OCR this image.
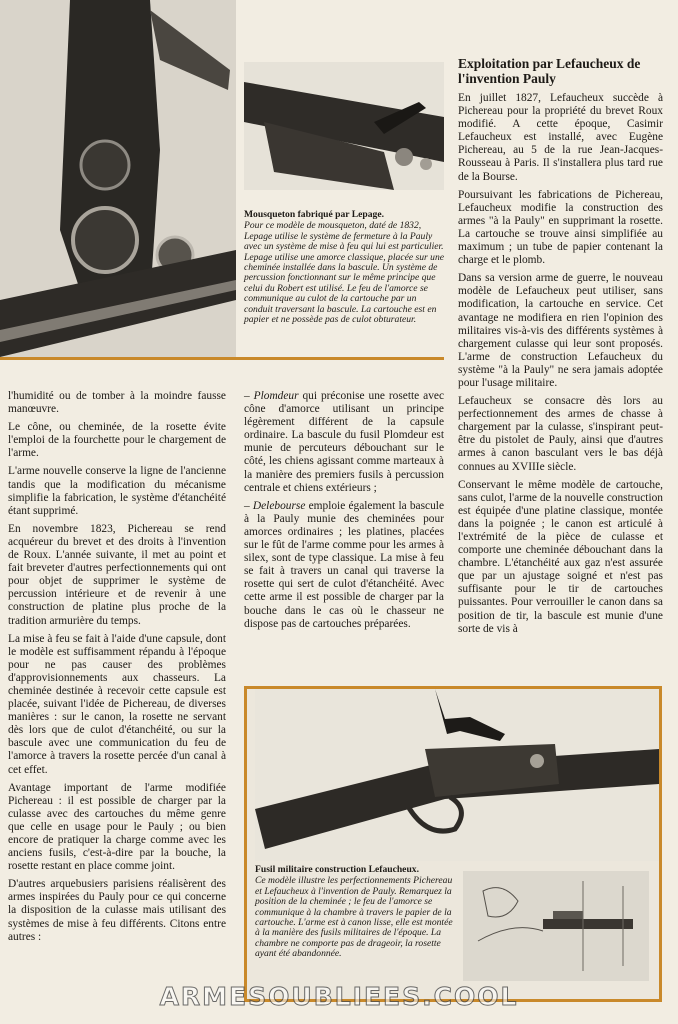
Mousqueton fabriqué par Lepage.
Pour ce modèle de mousqueton, daté de 1832, Lepage utilise le système de fermeture à la Pauly avec un système de mise à feu qui lui est particulier. Lepage utilise une amorce classique, placée sur une cheminée installée dans la bascule. Un système de percussion fonctionnant sur le même principe que celui du Robert est utilisé. Le feu de l'amorce se communique au culot de la cartouche par un conduit traversant la bascule. La cartouche est en papier et ne possède pas de culot obturateur.
Exploitation par Lefaucheux de l'invention Pauly

En juillet 1827, Lefaucheux succède à Pichereau pour la propriété du brevet Roux modifié. A cette époque, Casimir Lefaucheux est installé, avec Eugène Pichereau, au 5 de la rue Jean-Jacques-Rousseau à Paris. Il s'installera plus tard rue de la Bourse.

Poursuivant les fabrications de Pichereau, Lefaucheux modifie la construction des armes "à la Pauly" en supprimant la rosette. La cartouche se trouve ainsi simplifiée au maximum ; un tube de papier contenant la charge et le plomb.

Dans sa version arme de guerre, le nouveau modèle de Lefaucheux peut utiliser, sans modification, la cartouche en service. Cet avantage ne modifiera en rien l'opinion des militaires vis-à-vis des différents systèmes à chargement culasse qui leur sont proposés. L'arme de construction Lefaucheux du système "à la Pauly" ne sera jamais adoptée pour l'usage militaire.

Lefaucheux se consacre dès lors au perfectionnement des armes de chasse à chargement par la culasse, s'inspirant peut-être du pistolet de Pauly, ainsi que d'autres armes à canon basculant vers le bas déjà connues au XVIIIe siècle.

Conservant le même modèle de cartouche, sans culot, l'arme de la nouvelle construction est équipée d'une platine classique, montée dans la poignée ; le canon est articulé à l'extrémité de la pièce de culasse et comporte une cheminée débouchant dans la chambre. L'étanchéité aux gaz n'est assurée que par un ajustage soigné et n'est pas suffisante pour le tir de cartouches puissantes. Pour verrouiller le canon dans sa position de tir, la bascule est munie d'une sorte de vis à

l'humidité ou de tomber à la moindre fausse manœuvre.

Le cône, ou cheminée, de la rosette évite l'emploi de la fourchette pour le chargement de l'arme.

L'arme nouvelle conserve la ligne de l'ancienne tandis que la modification du mécanisme simplifie la fabrication, le système d'étanchéité étant supprimé.

En novembre 1823, Pichereau se rend acquéreur du brevet et des droits à l'invention de Roux. L'année suivante, il met au point et fait breveter d'autres perfectionnements qui ont pour objet de supprimer le système de percussion intérieure et de revenir à une construction de platine plus proche de la tradition armurière du temps.

La mise à feu se fait à l'aide d'une capsule, dont le modèle est suffisamment répandu à l'époque pour ne pas causer des problèmes d'approvisionnements aux chasseurs. La cheminée destinée à recevoir cette capsule est placée, suivant l'idée de Pichereau, de diverses manières : sur le canon, la rosette ne servant dès lors que de culot d'étanchéité, ou sur la bascule avec une communication du feu de l'amorce à travers la rosette percée d'un canal à cet effet.

Avantage important de l'arme modifiée Pichereau : il est possible de charger par la culasse avec des cartouches du même genre que celle en usage pour le Pauly ; ou bien encore de pratiquer la charge comme avec les anciens fusils, c'est-à-dire par la bouche, la rosette restant en place comme joint.

D'autres arquebusiers parisiens réalisèrent des armes inspirées du Pauly pour ce qui concerne la disposition de la culasse mais utilisant des systèmes de mise à feu différents. Citons entre autres :

– Plomdeur qui préconise une rosette avec cône d'amorce utilisant un principe légèrement différent de la capsule ordinaire. La bascule du fusil Plomdeur est munie de percuteurs débouchant sur le côté, les chiens agissant comme marteaux à la manière des premiers fusils à percussion centrale et chiens extérieurs ;

– Delebourse emploie également la bascule à la Pauly munie des cheminées pour amorces ordinaires ; les platines, placées sur le fût de l'arme comme pour les armes à silex, sont de type classique. La mise à feu se fait à travers un canal qui traverse la rosette qui sert de culot d'étanchéité. Avec cette arme il est possible de charger par la bouche dans le cas où le chasseur ne dispose pas de cartouches préparées.

Fusil militaire construction Lefaucheux.
Ce modèle illustre les perfectionnements Pichereau et Lefaucheux à l'invention de Pauly. Remarquez la position de la cheminée ; le feu de l'amorce se communique à la chambre à travers le papier de la cartouche. L'arme est à canon lisse, elle est montée à la manière des fusils militaires de l'époque. La chambre ne comporte pas de drageoir, la rosette ayant été abandonnée.
ARMESOUBLIEES.COOL
